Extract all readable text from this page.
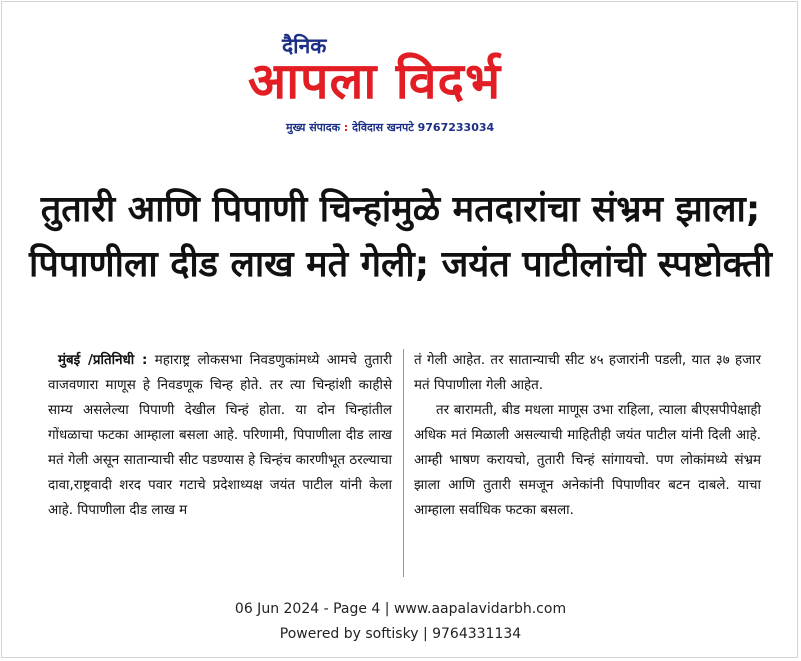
दैनिक
आपला विदर्भ
मुख्य संपादक : देविदास खनपटे 9767233034
तुतारी आणि पिपाणी चिन्हांमुळे मतदारांचा संभ्रम झाला; पिपाणीला दीड लाख मते गेली; जयंत पाटीलांची स्पष्टोक्ती

मुंबई /प्रतिनिधी : महाराष्ट्र लोकसभा निवडणुकांमध्ये आमचे तुतारी वाजवणारा माणूस हे निवडणूक चिन्ह होते. तर त्या चिन्हांशी काहीसे साम्य असलेल्या पिपाणी देखील चिन्हं होता. या दोन चिन्हांतील गोंधळाचा फटका आम्हाला बसला आहे. परिणामी, पिपाणीला दीड लाख मतं गेली असून सातान्याची सीट पडण्यास हे चिन्हंच कारणीभूत ठरल्याचा दावा,राष्ट्रवादी शरद पवार गटाचे प्रदेशाध्यक्ष जयंत पाटील यांनी केला आहे. पिपाणीला दीड लाख म

तं गेली आहेत. तर सातान्याची सीट ४५ हजारांनी पडली, यात ३७ हजार मतं पिपाणीला गेली आहेत.

तर बारामती, बीड मधला माणूस उभा राहिला, त्याला बीएसपीपेक्षाही अधिक मतं मिळाली असल्याची माहितीही जयंत पाटील यांनी दिली आहे. आम्ही भाषण करायचो, तुतारी चिन्हं सांगायचो. पण लोकांमध्ये संभ्रम झाला आणि तुतारी समजून अनेकांनी पिपाणीवर बटन दाबले. याचा आम्हाला सर्वाधिक फटका बसला.

06 Jun 2024 - Page 4 | www.aapalavidarbh.com
Powered by softisky | 9764331134
